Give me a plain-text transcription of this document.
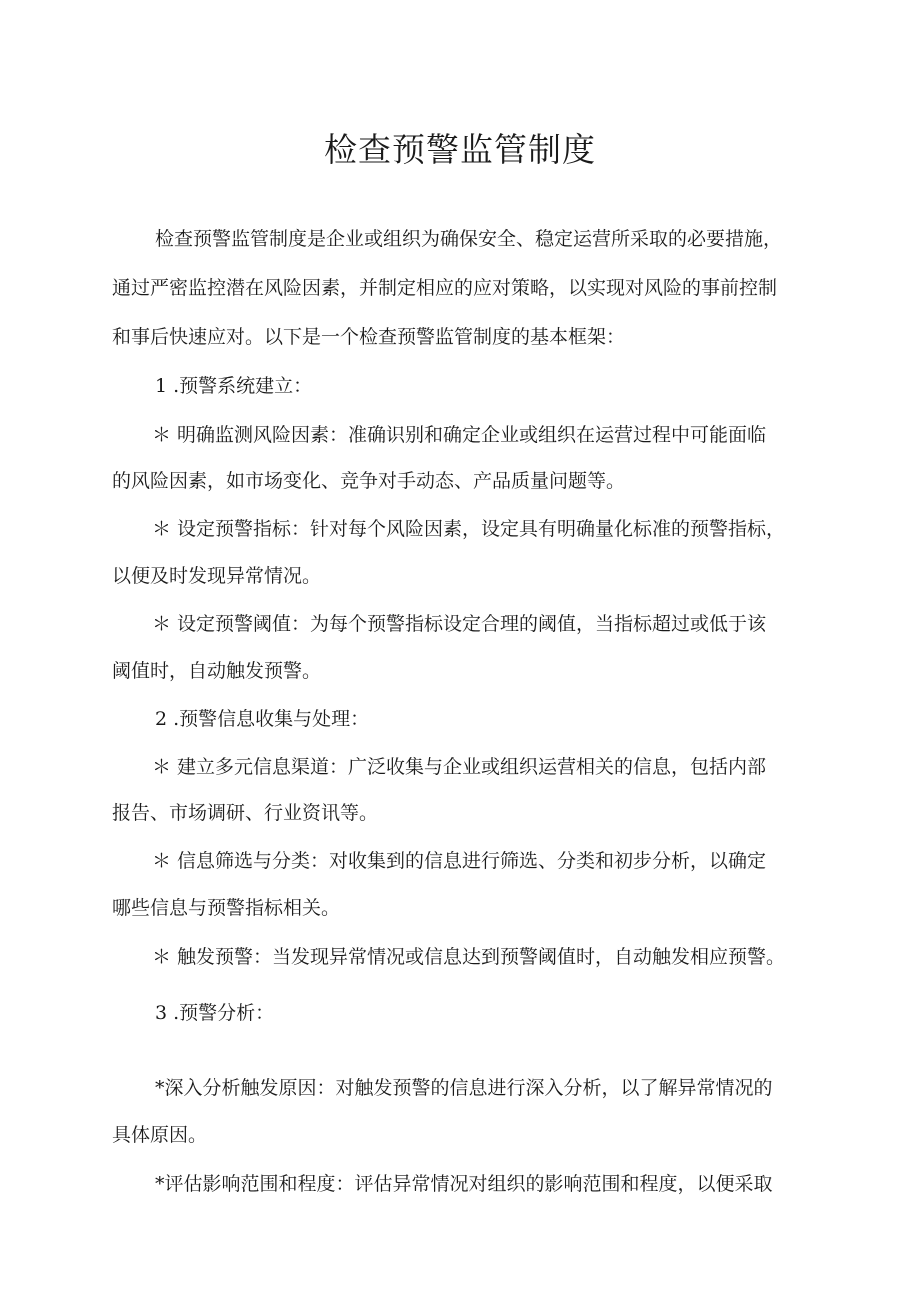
检查预警监管制度

检查预警监管制度是企业或组织为确保安全、稳定运营所采取的必要措施，

通过严密监控潜在风险因素，并制定相应的应对策略，以实现对风险的事前控制

和事后快速应对。以下是一个检查预警监管制度的基本框架：

1 .预警系统建立：

＊ 明确监测风险因素：准确识别和确定企业或组织在运营过程中可能面临

的风险因素，如市场变化、竞争对手动态、产品质量问题等。

＊ 设定预警指标：针对每个风险因素，设定具有明确量化标准的预警指标，

以便及时发现异常情况。

＊ 设定预警阈值：为每个预警指标设定合理的阈值，当指标超过或低于该

阈值时，自动触发预警。

2 .预警信息收集与处理：

＊ 建立多元信息渠道：广泛收集与企业或组织运营相关的信息，包括内部

报告、市场调研、行业资讯等。

＊ 信息筛选与分类：对收集到的信息进行筛选、分类和初步分析，以确定

哪些信息与预警指标相关。

＊ 触发预警：当发现异常情况或信息达到预警阈值时，自动触发相应预警。

3 .预警分析：

*深入分析触发原因：对触发预警的信息进行深入分析，以了解异常情况的

具体原因。

*评估影响范围和程度：评估异常情况对组织的影响范围和程度，以便采取
